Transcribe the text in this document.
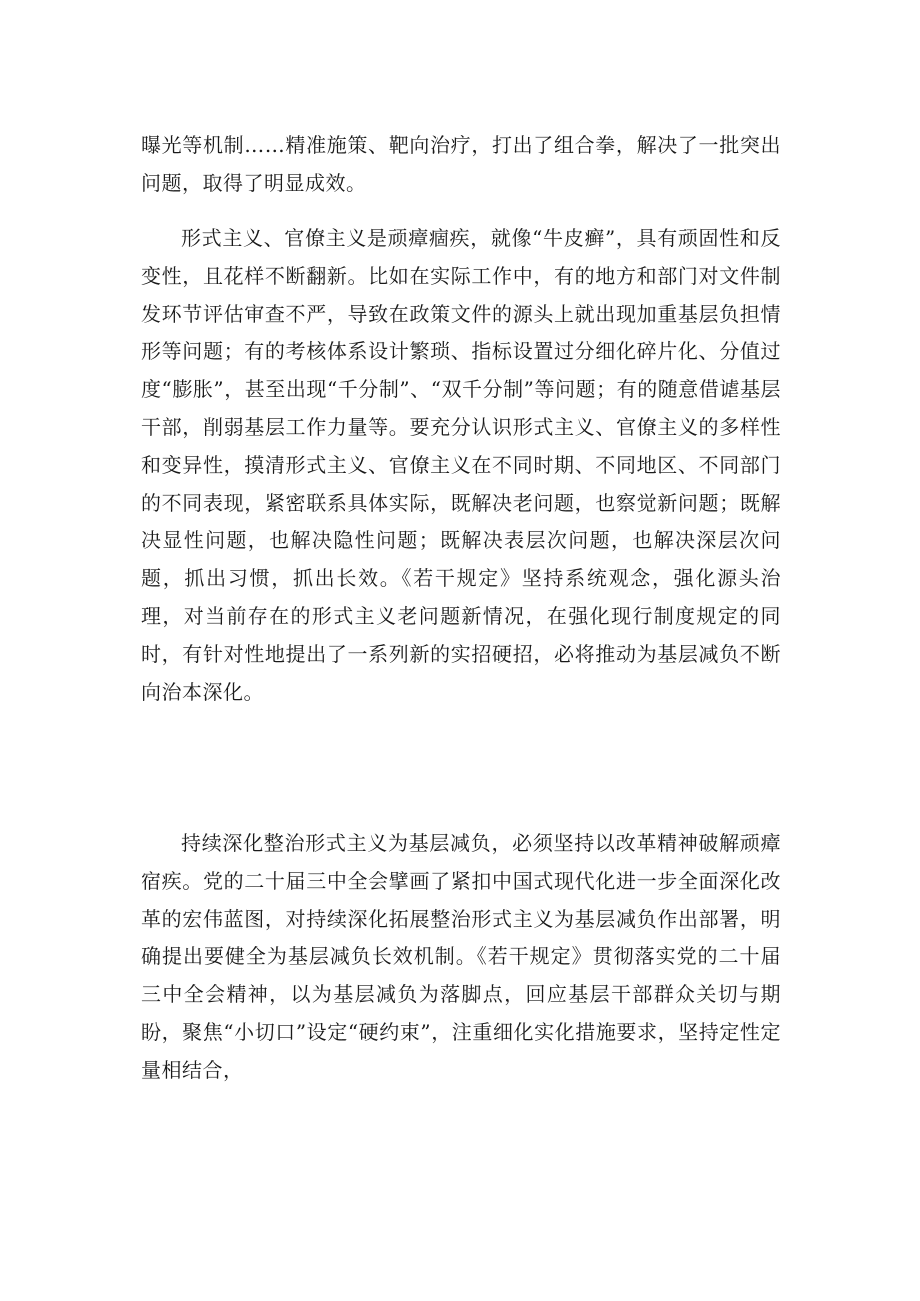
曝光等机制……精准施策、靶向治疗，打出了组合拳，解决了一批突出问题，取得了明显成效。

形式主义、官僚主义是顽瘴痼疾，就像“牛皮癣”，具有顽固性和反变性，且花样不断翻新。比如在实际工作中，有的地方和部门对文件制发环节评估审查不严，导致在政策文件的源头上就出现加重基层负担情形等问题；有的考核体系设计繁琐、指标设置过分细化碎片化、分值过度“膨胀”，甚至出现“千分制”、“双千分制”等问题；有的随意借谑基层干部，削弱基层工作力量等。要充分认识形式主义、官僚主义的多样性和变异性，摸清形式主义、官僚主义在不同时期、不同地区、不同部门的不同表现，紧密联系具体实际，既解决老问题，也察觉新问题；既解决显性问题，也解决隐性问题；既解决表层次问题，也解决深层次问题，抓出习惯，抓出长效。《若干规定》坚持系统观念，强化源头治理，对当前存在的形式主义老问题新情况，在强化现行制度规定的同时，有针对性地提出了一系列新的实招硬招，必将推动为基层减负不断向治本深化。

持续深化整治形式主义为基层减负，必须坚持以改革精神破解顽瘴宿疾。党的二十届三中全会擘画了紧扣中国式现代化进一步全面深化改革的宏伟蓝图，对持续深化拓展整治形式主义为基层减负作出部署，明确提出要健全为基层减负长效机制。《若干规定》贯彻落实党的二十届三中全会精神，以为基层减负为落脚点，回应基层干部群众关切与期盼，聚焦“小切口”设定“硬约束”，注重细化实化措施要求，坚持定性定量相结合，
